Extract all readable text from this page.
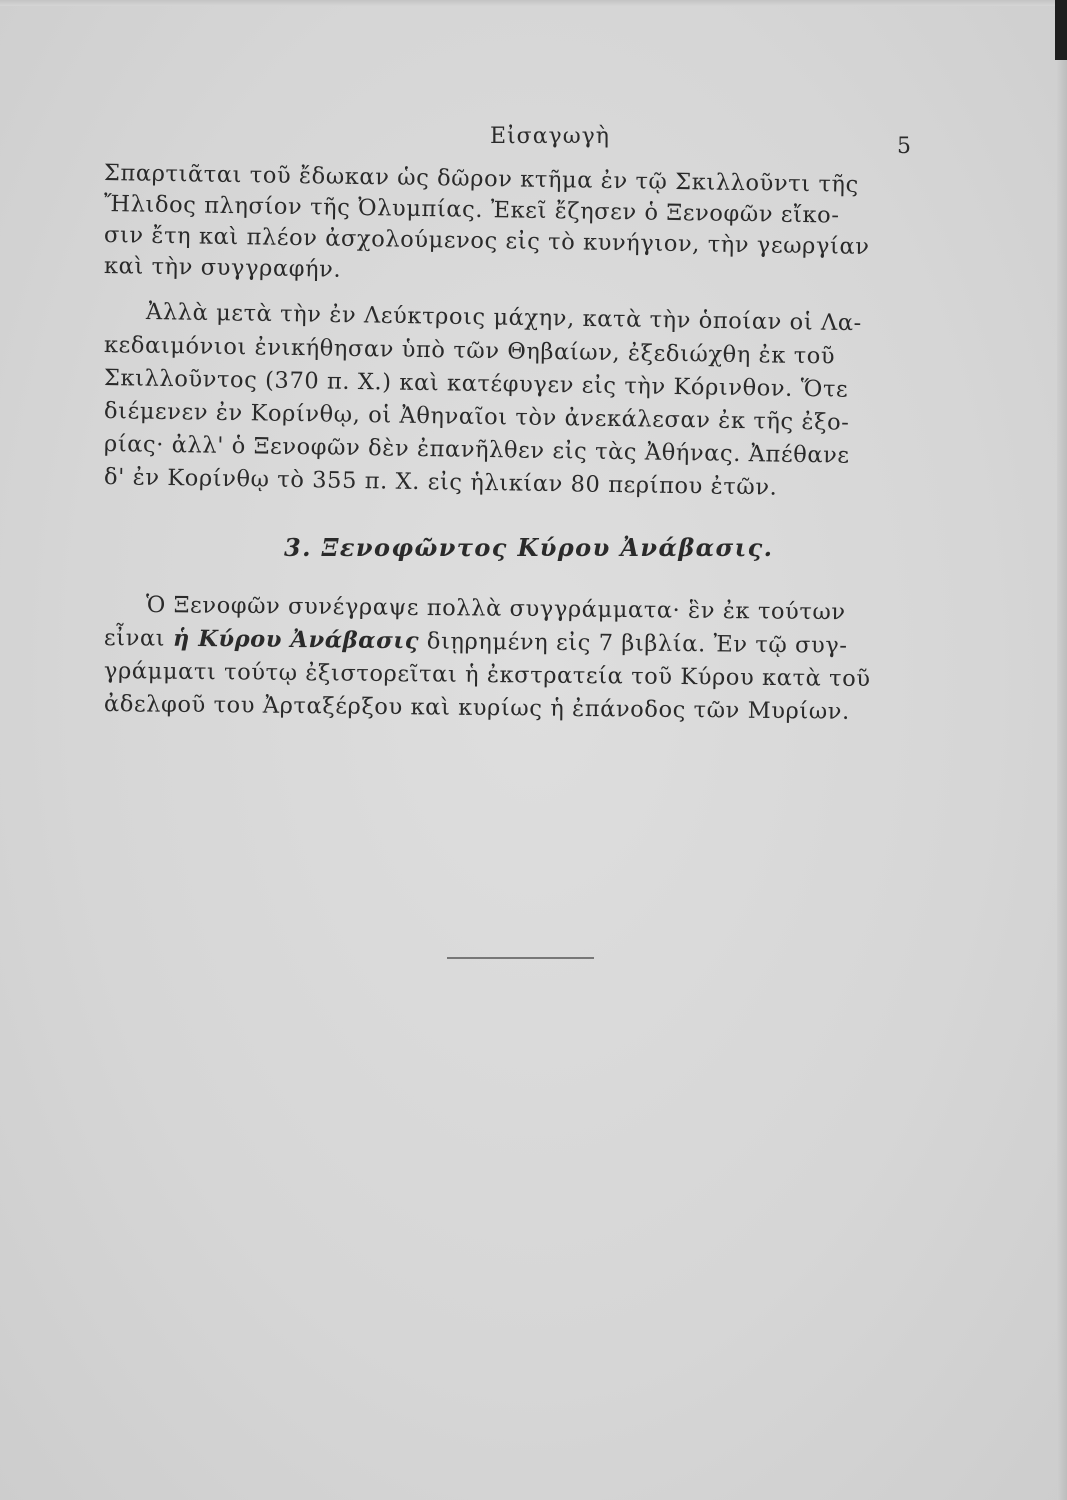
Εἰσαγωγὴ	5
Σπαρτιᾶται τοῦ ἔδωκαν ὡς δῶρον κτῆμα ἐν τῷ Σκιλλοῦντι τῆς
Ἤλιδος πλησίον τῆς Ὀλυμπίας. Ἐκεῖ ἔζησεν ὁ Ξενοφῶν εἴκο-
σιν ἔτη καὶ πλέον ἀσχολούμενος εἰς τὸ κυνήγιον, τὴν γεωργίαν
καὶ τὴν συγγραφήν.
Ἀλλὰ μετὰ τὴν ἐν Λεύκτροις μάχην, κατὰ τὴν ὁποίαν οἱ Λα-
κεδαιμόνιοι ἐνικήθησαν ὑπὸ τῶν Θηβαίων, ἐξεδιώχθη ἐκ τοῦ
Σκιλλοῦντος (370 π. Χ.) καὶ κατέφυγεν εἰς τὴν Κόρινθον. Ὅτε
διέμενεν ἐν Κορίνθῳ, οἱ Ἀθηναῖοι τὸν ἀνεκάλεσαν ἐκ τῆς ἐξο-
ρίας· ἀλλ' ὁ Ξενοφῶν δὲν ἐπανῆλθεν εἰς τὰς Ἀθήνας. Ἀπέθανε
δ' ἐν Κορίνθῳ τὸ 355 π. Χ. εἰς ἡλικίαν 80 περίπου ἐτῶν.
3. Ξενοφῶντος Κύρου Ἀνάβασις.
Ὁ Ξενοφῶν συνέγραψε πολλὰ συγγράμματα· ἓν ἐκ τούτων
εἶναι ἡ Κύρου Ἀνάβασις διῃρημένη εἰς 7 βιβλία. Ἐν τῷ συγ-
γράμματι τούτῳ ἐξιστορεῖται ἡ ἐκστρατεία τοῦ Κύρου κατὰ τοῦ
ἀδελφοῦ του Ἀρταξέρξου καὶ κυρίως ἡ ἐπάνοδος τῶν Μυρίων.
